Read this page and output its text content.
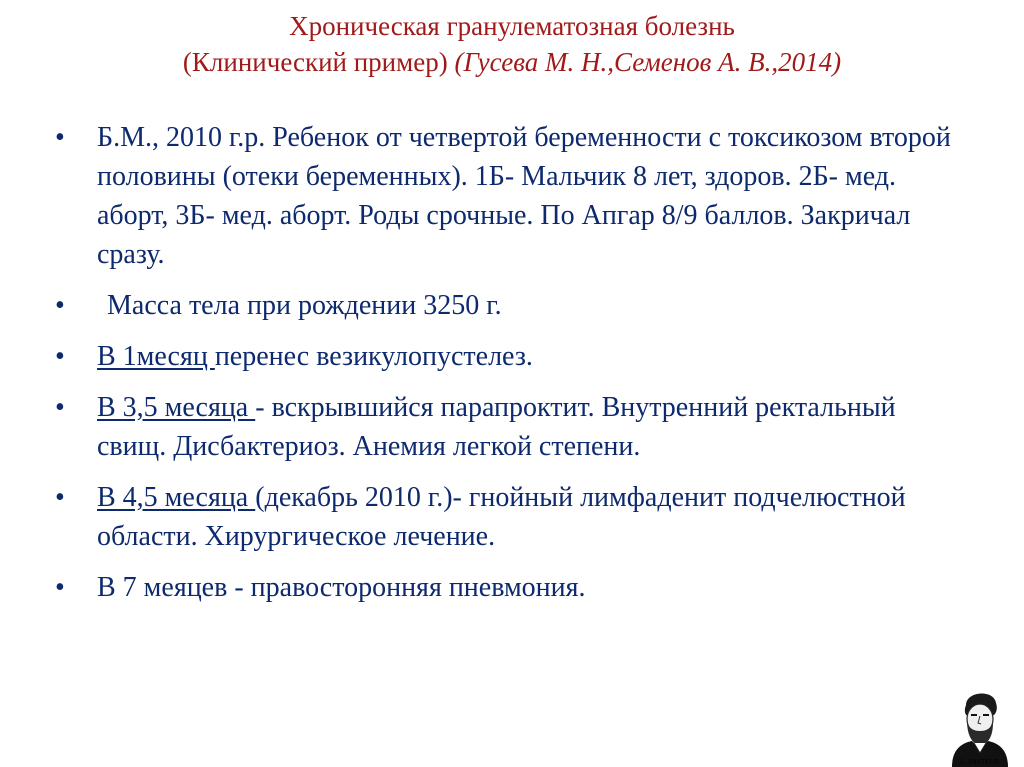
Хроническая гранулематозная болезнь
(Клинический пример) (Гусева М. Н.,Семенов А. В.,2014)
•	Б.М., 2010 г.р. Ребенок от четвертой беременности с токсикозом второй половины (отеки беременных). 1Б- Мальчик 8 лет, здоров. 2Б- мед. аборт, 3Б- мед. аборт. Роды срочные. По Апгар 8/9 баллов. Закричал сразу.
•	Масса тела при рождении 3250 г.
•	В 1месяц перенес везикулопустелез.
•	В 3,5 месяца - вскрывшийся парапроктит. Внутренний ректальный свищ. Дисбактериоз. Анемия легкой степени.
•	В 4,5 месяца (декабрь 2010 г.)- гнойный лимфаденит подчелюстной области. Хирургическое лечение.
•	В 7 меяцев - правосторонняя пневмония.
L. PASTEUR
